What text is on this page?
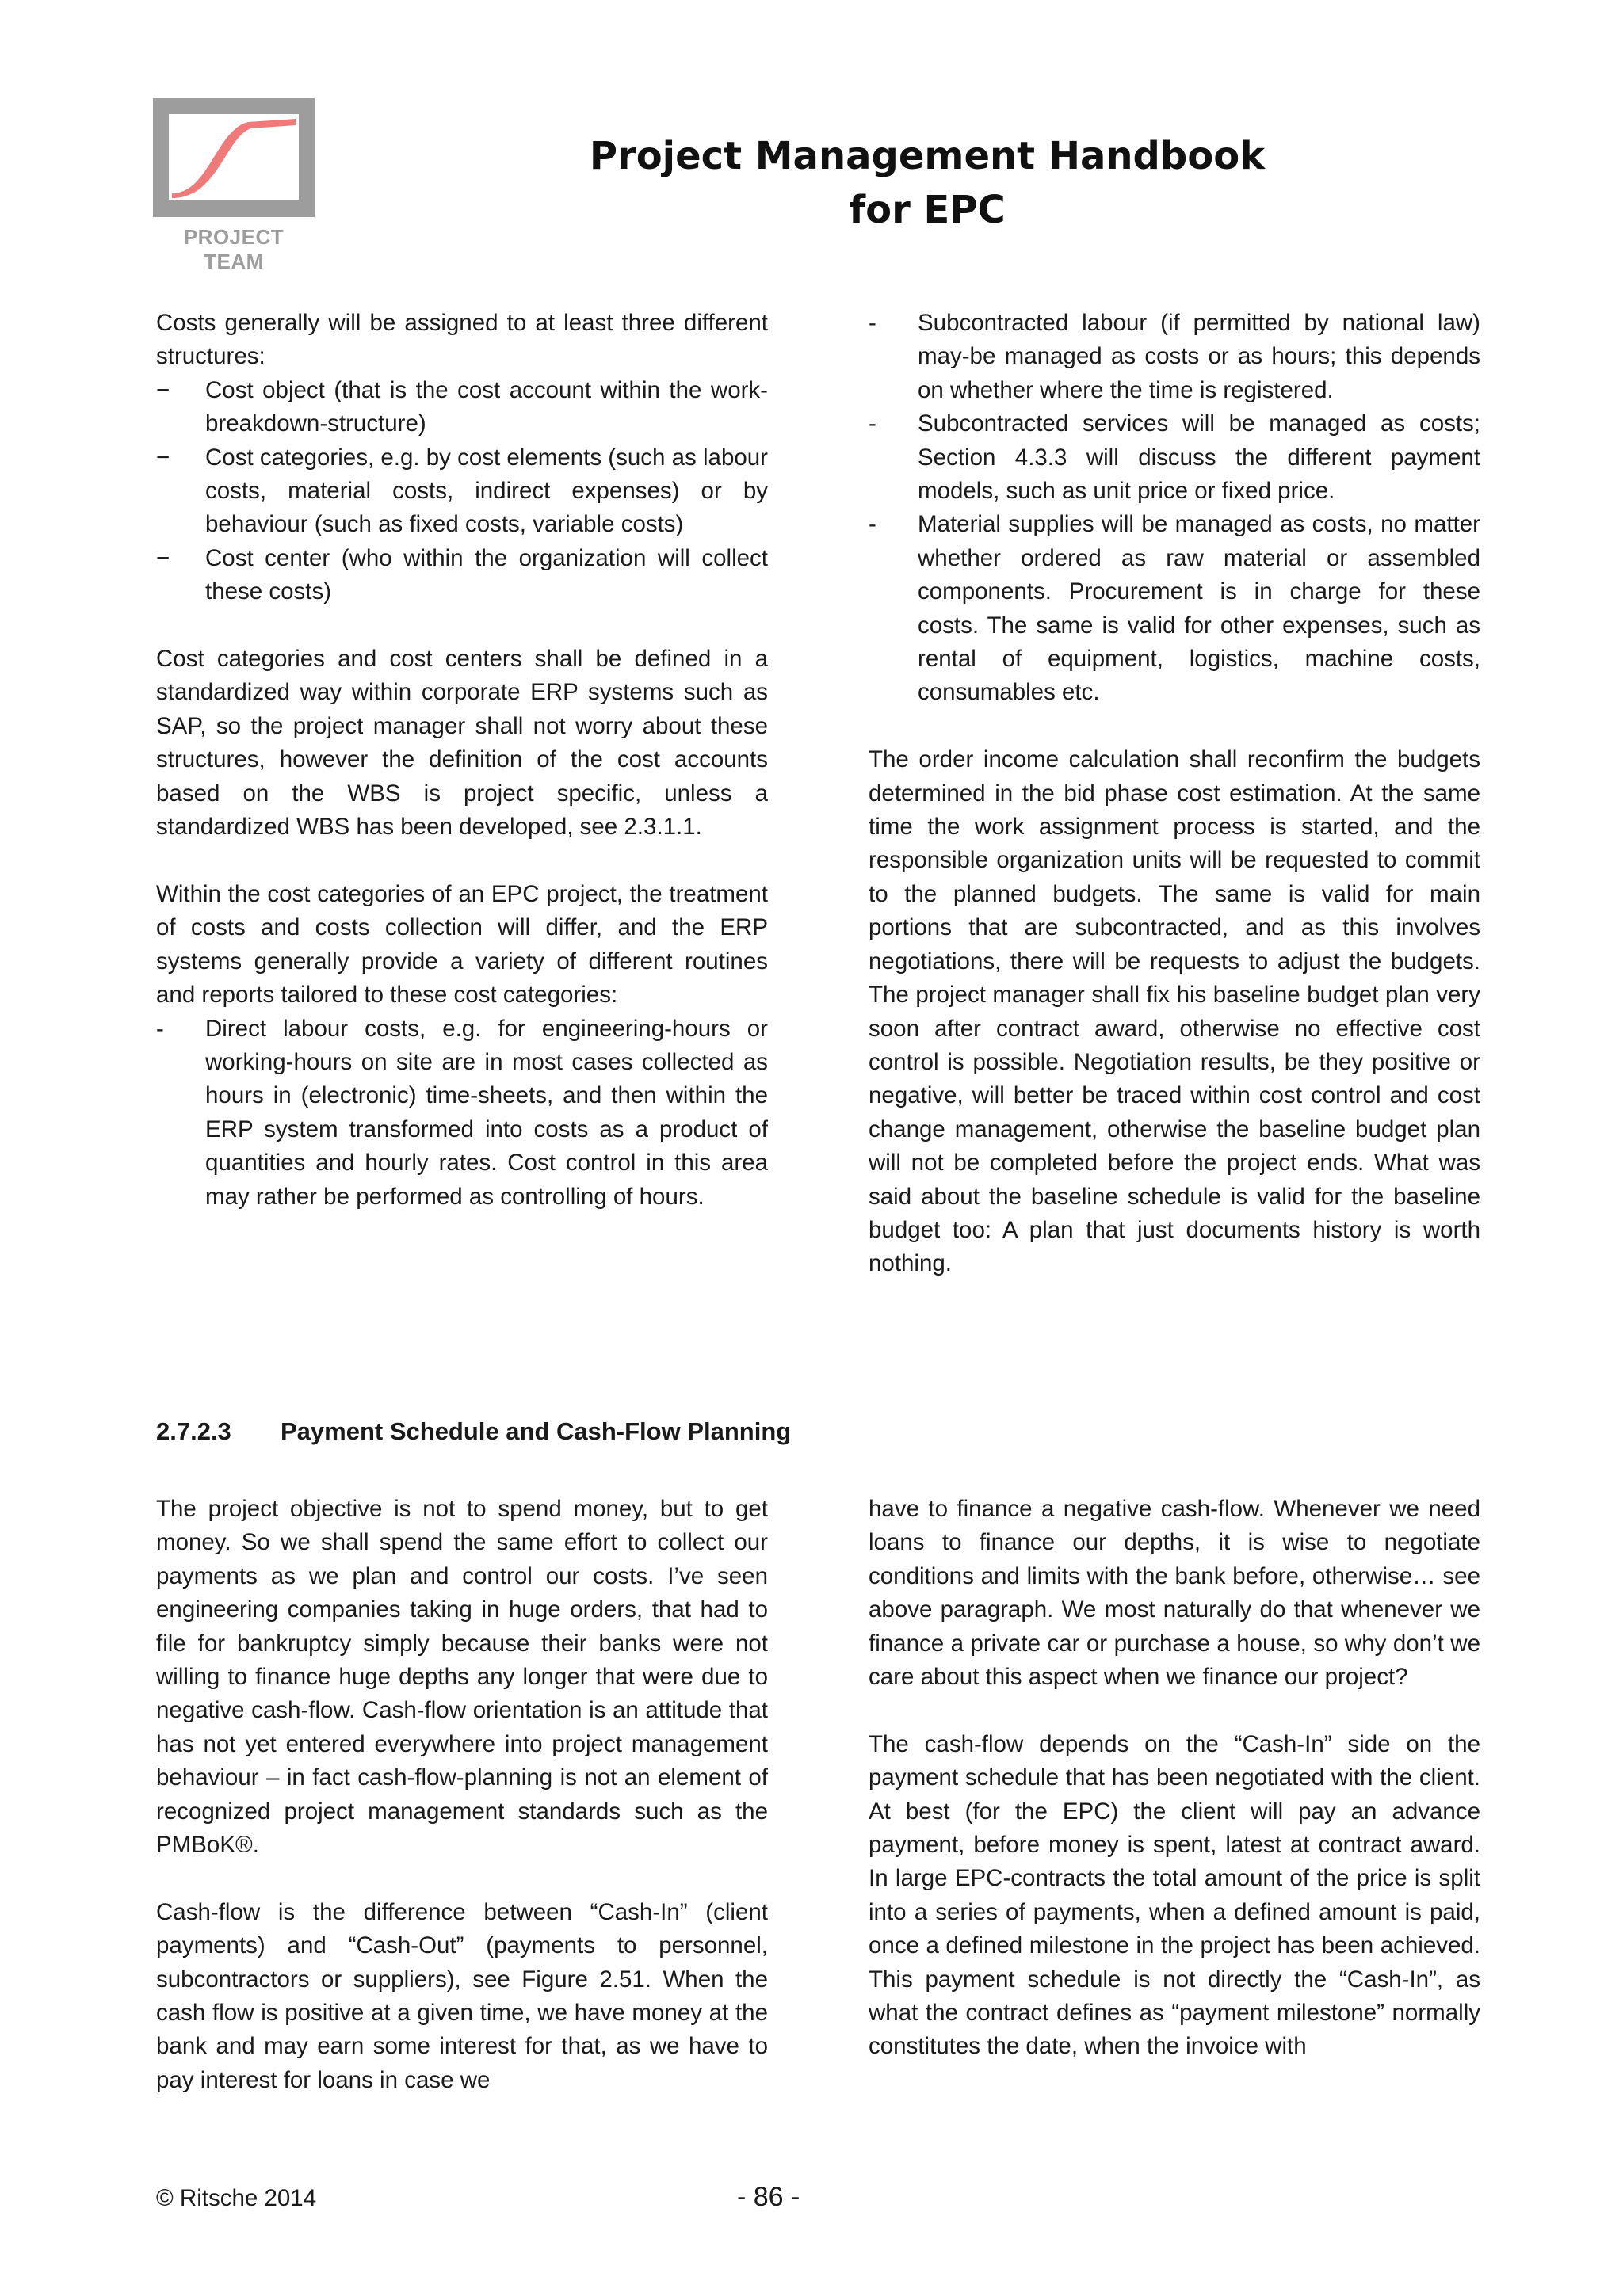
PROJECT TEAM
Project Management Handbook
for EPC

Costs generally will be assigned to at least three different structures:

−	Cost object (that is the cost account within the work-breakdown-structure)
−	Cost categories, e.g. by cost elements (such as labour costs, material costs, indirect expenses) or by behaviour (such as fixed costs, variable costs)
−	Cost center (who within the organization will collect these costs)

Cost categories and cost centers shall be defined in a standardized way within corporate ERP systems such as SAP, so the project manager shall not worry about these structures, however the definition of the cost accounts based on the WBS is project specific, unless a standardized WBS has been developed, see 2.3.1.1.

Within the cost categories of an EPC project, the treatment of costs and costs collection will differ, and the ERP systems generally provide a variety of different routines and reports tailored to these cost categories:

-	Direct labour costs, e.g. for engineering-hours or working-hours on site are in most cases collected as hours in (electronic) time-sheets, and then within the ERP system transformed into costs as a product of quantities and hourly rates. Cost control in this area may rather be performed as controlling of hours.
-	Subcontracted labour (if permitted by national law) may-be managed as costs or as hours; this depends on whether where the time is registered.
-	Subcontracted services will be managed as costs; Section 4.3.3 will discuss the different payment models, such as unit price or fixed price.
-	Material supplies will be managed as costs, no matter whether ordered as raw material or assembled components. Procurement is in charge for these costs. The same is valid for other expenses, such as rental of equipment, logistics, machine costs, consumables etc.

The order income calculation shall reconfirm the budgets determined in the bid phase cost estimation. At the same time the work assignment process is started, and the responsible organization units will be requested to commit to the planned budgets. The same is valid for main portions that are subcontracted, and as this involves negotiations, there will be requests to adjust the budgets. The project manager shall fix his baseline budget plan very soon after contract award, otherwise no effective cost control is possible. Negotiation results, be they positive or negative, will better be traced within cost control and cost change management, otherwise the baseline budget plan will not be completed before the project ends. What was said about the baseline schedule is valid for the baseline budget too: A plan that just documents history is worth nothing.

2.7.2.3 Payment Schedule and Cash-Flow Planning

The project objective is not to spend money, but to get money. So we shall spend the same effort to collect our payments as we plan and control our costs. I’ve seen engineering companies taking in huge orders, that had to file for bankruptcy simply because their banks were not willing to finance huge depths any longer that were due to negative cash-flow. Cash-flow orientation is an attitude that has not yet entered everywhere into project management behaviour – in fact cash-flow-planning is not an element of recognized project management standards such as the PMBoK®.

Cash-flow is the difference between “Cash-In” (client payments) and “Cash-Out” (payments to personnel, subcontractors or suppliers), see Figure 2.51. When the cash flow is positive at a given time, we have money at the bank and may earn some interest for that, as we have to pay interest for loans in case we

have to finance a negative cash-flow. Whenever we need loans to finance our depths, it is wise to negotiate conditions and limits with the bank before, otherwise… see above paragraph. We most naturally do that whenever we finance a private car or purchase a house, so why don’t we care about this aspect when we finance our project?

The cash-flow depends on the “Cash-In” side on the payment schedule that has been negotiated with the client. At best (for the EPC) the client will pay an advance payment, before money is spent, latest at contract award. In large EPC-contracts the total amount of the price is split into a series of payments, when a defined amount is paid, once a defined milestone in the project has been achieved. This payment schedule is not directly the “Cash-In”, as what the contract defines as “payment milestone” normally constitutes the date, when the invoice with

© Ritsche 2014	- 86 -
